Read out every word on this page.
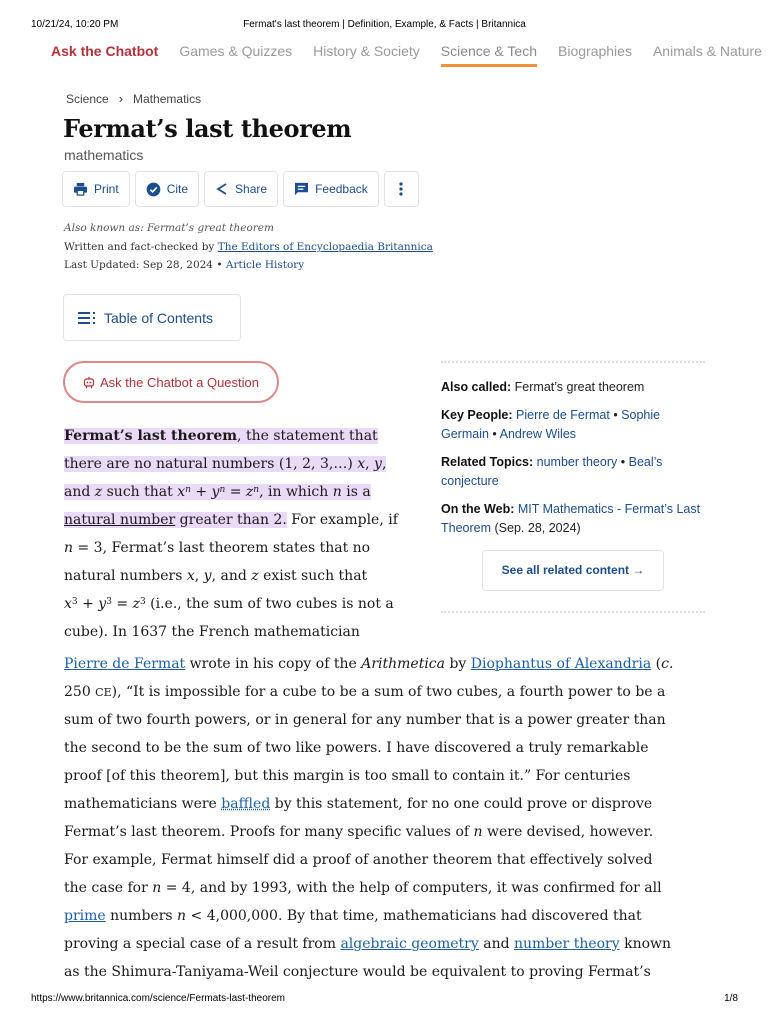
10/21/24, 10:20 PM	Fermat's last theorem | Definition, Example, & Facts | Britannica
Ask the Chatbot Games & Quizzes History & Society Science & Tech Biographies Animals & Nature
Science › Mathematics
Fermat’s last theorem
mathematics
Print	Cite	Share	Feedback
Also known as: Fermat’s great theorem
Written and fact-checked by The Editors of Encyclopaedia Britannica
Last Updated: Sep 28, 2024 • Article History
Table of Contents
Ask the Chatbot a Question	Also called: Fermat’s great theorem
Key People: Pierre de Fermat • Sophie Germain • Andrew Wiles
Related Topics: number theory • Beal’s conjecture
On the Web: MIT Mathematics - Fermat’s Last Theorem (Sep. 28, 2024)
See all related content →
Fermat’s last theorem, the statement that
there are no natural numbers (1, 2, 3,…) x, y,
and z such that $x^n + y^n = z^n$, in which n is a
natural number greater than 2. For example, if
n = 3, Fermat’s last theorem states that no
natural numbers x, y, and z exist such that
$x^3 + y^3 = z^3$ (i.e., the sum of two cubes is not a
cube). In 1637 the French mathematician
Pierre de Fermat wrote in his copy of the Arithmetica by Diophantus of Alexandria (c.
250 CE), “It is impossible for a cube to be a sum of two cubes, a fourth power to be a
sum of two fourth powers, or in general for any number that is a power greater than
the second to be the sum of two like powers. I have discovered a truly remarkable
proof [of this theorem], but this margin is too small to contain it.” For centuries
mathematicians were baffled by this statement, for no one could prove or disprove
Fermat’s last theorem. Proofs for many specific values of n were devised, however.
For example, Fermat himself did a proof of another theorem that effectively solved
the case for n = 4, and by 1993, with the help of computers, it was confirmed for all
prime numbers n < 4,000,000. By that time, mathematicians had discovered that
proving a special case of a result from algebraic geometry and number theory known
as the Shimura-Taniyama-Weil conjecture would be equivalent to proving Fermat’s
https://www.britannica.com/science/Fermats-last-theorem	1/8
